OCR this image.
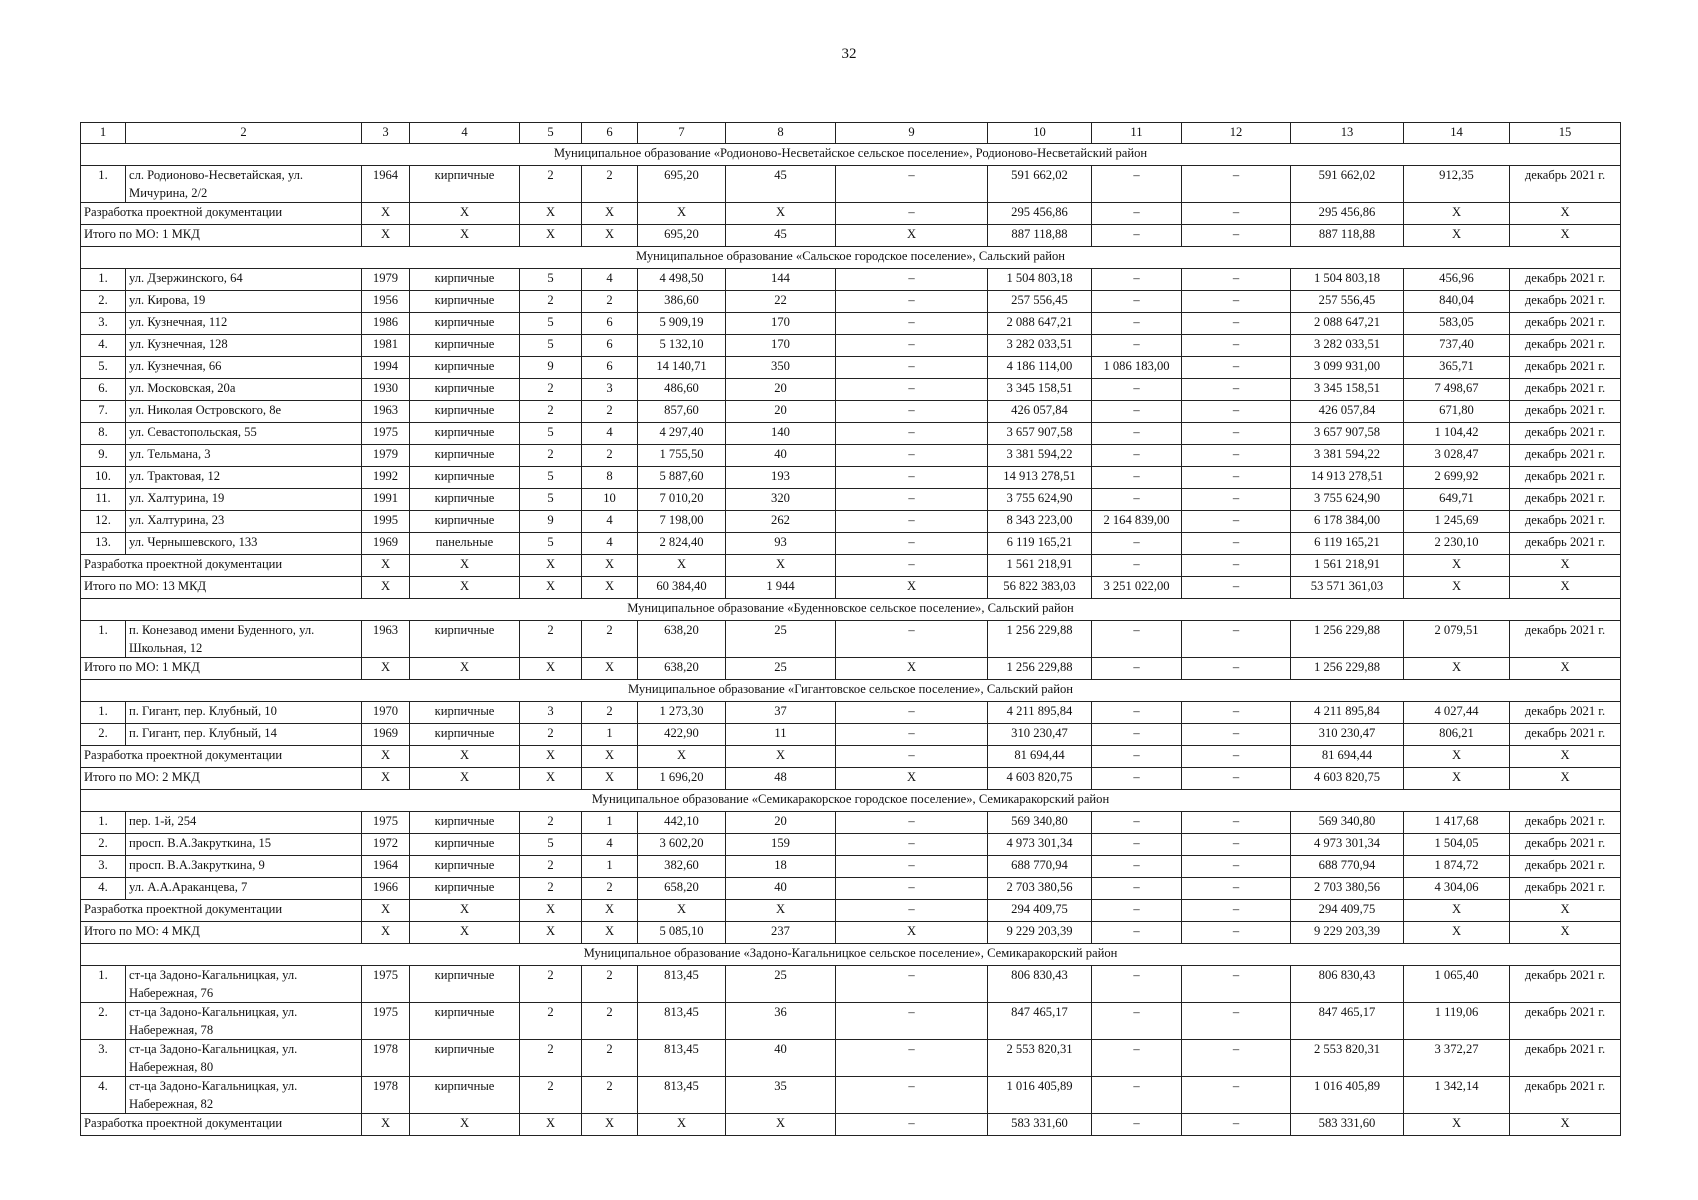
32
1	2	3	4	5	6	7	8	9	10	11	12	13	14	15
Муниципальное образование «Родионово-Несветайское сельское поселение», Родионово-Несветайский район														
1.	сл. Родионово-Несветайская, ул. Мичурина, 2/2	1964	кирпичные	2	2	695,20	45	–	591 662,02	–	–	591 662,02	912,35	декабрь 2021 г.
Разработка проектной документации		X	X	X	X	X	X	–	295 456,86	–	–	295 456,86	X	X
Итого по МО: 1 МКД		X	X	X	X	695,20	45	X	887 118,88	–	–	887 118,88	X	X
Муниципальное образование «Сальское городское поселение», Сальский район														
1.	ул. Дзержинского, 64	1979	кирпичные	5	4	4 498,50	144	–	1 504 803,18	–	–	1 504 803,18	456,96	декабрь 2021 г.
2.	ул. Кирова, 19	1956	кирпичные	2	2	386,60	22	–	257 556,45	–	–	257 556,45	840,04	декабрь 2021 г.
3.	ул. Кузнечная, 112	1986	кирпичные	5	6	5 909,19	170	–	2 088 647,21	–	–	2 088 647,21	583,05	декабрь 2021 г.
4.	ул. Кузнечная, 128	1981	кирпичные	5	6	5 132,10	170	–	3 282 033,51	–	–	3 282 033,51	737,40	декабрь 2021 г.
5.	ул. Кузнечная, 66	1994	кирпичные	9	6	14 140,71	350	–	4 186 114,00	1 086 183,00	–	3 099 931,00	365,71	декабрь 2021 г.
6.	ул. Московская, 20а	1930	кирпичные	2	3	486,60	20	–	3 345 158,51	–	–	3 345 158,51	7 498,67	декабрь 2021 г.
7.	ул. Николая Островского, 8е	1963	кирпичные	2	2	857,60	20	–	426 057,84	–	–	426 057,84	671,80	декабрь 2021 г.
8.	ул. Севастопольская, 55	1975	кирпичные	5	4	4 297,40	140	–	3 657 907,58	–	–	3 657 907,58	1 104,42	декабрь 2021 г.
9.	ул. Тельмана, 3	1979	кирпичные	2	2	1 755,50	40	–	3 381 594,22	–	–	3 381 594,22	3 028,47	декабрь 2021 г.
10.	ул. Трактовая, 12	1992	кирпичные	5	8	5 887,60	193	–	14 913 278,51	–	–	14 913 278,51	2 699,92	декабрь 2021 г.
11.	ул. Халтурина, 19	1991	кирпичные	5	10	7 010,20	320	–	3 755 624,90	–	–	3 755 624,90	649,71	декабрь 2021 г.
12.	ул. Халтурина, 23	1995	кирпичные	9	4	7 198,00	262	–	8 343 223,00	2 164 839,00	–	6 178 384,00	1 245,69	декабрь 2021 г.
13.	ул. Чернышевского, 133	1969	панельные	5	4	2 824,40	93	–	6 119 165,21	–	–	6 119 165,21	2 230,10	декабрь 2021 г.
Разработка проектной документации		X	X	X	X	X	X	–	1 561 218,91	–	–	1 561 218,91	X	X
Итого по МО: 13 МКД		X	X	X	X	60 384,40	1 944	X	56 822 383,03	3 251 022,00	–	53 571 361,03	X	X
Муниципальное образование «Буденновское сельское поселение», Сальский район														
1.	п. Конезавод имени Буденного, ул. Школьная, 12	1963	кирпичные	2	2	638,20	25	–	1 256 229,88	–	–	1 256 229,88	2 079,51	декабрь 2021 г.
Итого по МО: 1 МКД		X	X	X	X	638,20	25	X	1 256 229,88	–	–	1 256 229,88	X	X
Муниципальное образование «Гигантовское сельское поселение», Сальский район														
1.	п. Гигант, пер. Клубный, 10	1970	кирпичные	3	2	1 273,30	37	–	4 211 895,84	–	–	4 211 895,84	4 027,44	декабрь 2021 г.
2.	п. Гигант, пер. Клубный, 14	1969	кирпичные	2	1	422,90	11	–	310 230,47	–	–	310 230,47	806,21	декабрь 2021 г.
Разработка проектной документации		X	X	X	X	X	X	–	81 694,44	–	–	81 694,44	X	X
Итого по МО: 2 МКД		X	X	X	X	1 696,20	48	X	4 603 820,75	–	–	4 603 820,75	X	X
Муниципальное образование «Семикаракорское городское поселение», Семикаракорский район														
1.	пер. 1-й, 254	1975	кирпичные	2	1	442,10	20	–	569 340,80	–	–	569 340,80	1 417,68	декабрь 2021 г.
2.	просп. В.А.Закруткина, 15	1972	кирпичные	5	4	3 602,20	159	–	4 973 301,34	–	–	4 973 301,34	1 504,05	декабрь 2021 г.
3.	просп. В.А.Закруткина, 9	1964	кирпичные	2	1	382,60	18	–	688 770,94	–	–	688 770,94	1 874,72	декабрь 2021 г.
4.	ул. А.А.Араканцева, 7	1966	кирпичные	2	2	658,20	40	–	2 703 380,56	–	–	2 703 380,56	4 304,06	декабрь 2021 г.
Разработка проектной документации		X	X	X	X	X	X	–	294 409,75	–	–	294 409,75	X	X
Итого по МО: 4 МКД		X	X	X	X	5 085,10	237	X	9 229 203,39	–	–	9 229 203,39	X	X
Муниципальное образование «Задоно-Кагальницкое сельское поселение», Семикаракорский район														
1.	ст-ца Задоно-Кагальницкая, ул. Набережная, 76	1975	кирпичные	2	2	813,45	25	–	806 830,43	–	–	806 830,43	1 065,40	декабрь 2021 г.
2.	ст-ца Задоно-Кагальницкая, ул. Набережная, 78	1975	кирпичные	2	2	813,45	36	–	847 465,17	–	–	847 465,17	1 119,06	декабрь 2021 г.
3.	ст-ца Задоно-Кагальницкая, ул. Набережная, 80	1978	кирпичные	2	2	813,45	40	–	2 553 820,31	–	–	2 553 820,31	3 372,27	декабрь 2021 г.
4.	ст-ца Задоно-Кагальницкая, ул. Набережная, 82	1978	кирпичные	2	2	813,45	35	–	1 016 405,89	–	–	1 016 405,89	1 342,14	декабрь 2021 г.
Разработка проектной документации		X	X	X	X	X	X	–	583 331,60	–	–	583 331,60	X	X
